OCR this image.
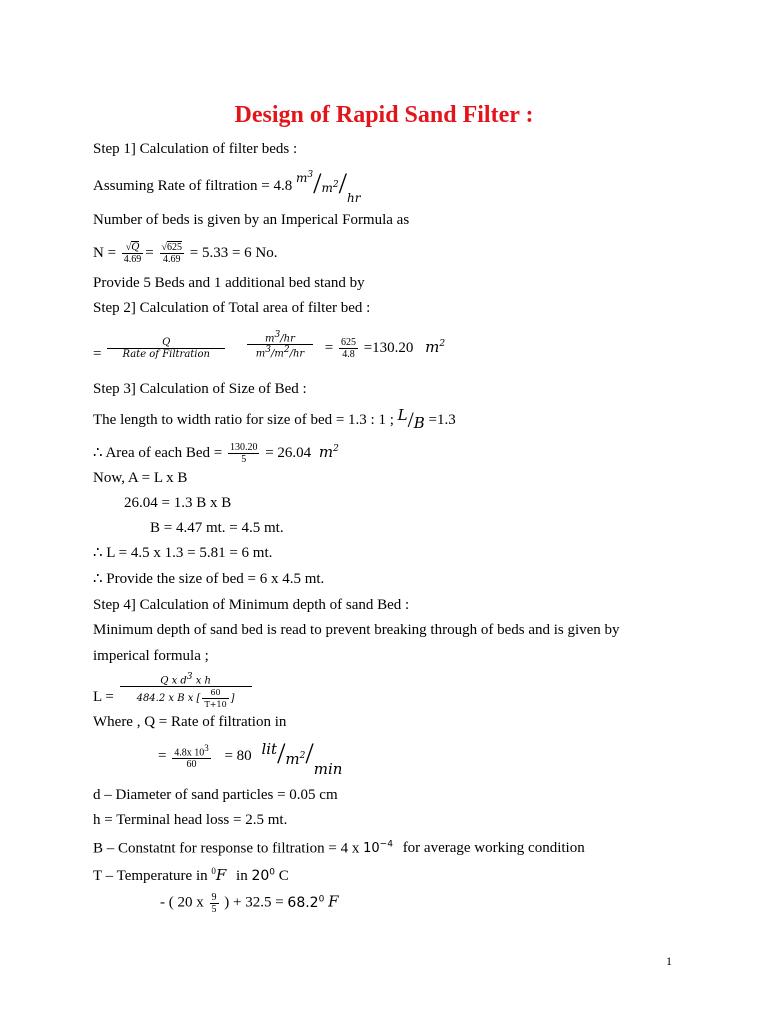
Design of Rapid Sand Filter :
Step 1] Calculation of filter beds :
Assuming Rate of filtration = 4.8 $^{m^3}/m^2/_{hr}$
Number of beds is given by an Imperical Formula as
$N = \frac{√Q}{4.69} = \frac{√625}{4.69} = 5.33 = 6$ No.
Provide 5 Beds and 1 additional bed stand by
Step 2] Calculation of Total area of filter bed :
=
Q
Rate of Filtration
	$\frac{m^3/hr}{m^3/m^2/hr} = \frac{625}{4.8} =130.20$ $m^2$
Step 3] Calculation of Size of Bed :
The length to width ratio for size of bed = 1.3 : 1 ; L/B =1.3
∴ Area of each Bed = $\frac{130.20}{5} = 26.04$ $m^2$
Now, A = L x B
26.04 = 1.3 B x B
B = 4.47 mt. = 4.5 mt.
∴ L = 4.5 x 1.3 = 5.81 = 6 mt.
∴ Provide the size of bed = 6 x 4.5 mt.
Step 4] Calculation of Minimum depth of sand Bed :
Minimum depth of sand bed is read to prevent breaking through of beds and is given by
imperical formula ;
$L = \frac{Q x d^3 x h}{484.2 x B x [ \frac{60}{T+10} ]}$
Where , Q = Rate of filtration in
= $\frac{4.8x 10^3}{60} = 80$ lit/$m^2/\min$
d – Diameter of sand particles = 0.05 cm
h = Terminal head loss = 2.5 mt.
B – Constatnt for response to filtration = 4 x $10^{-4}$ for average working condition
T – Temperature in $^0$F in $20^0$ C
- ( 20 x $\frac{9}{5}$ ) + $32.5 = 68.2^0$ F
1
